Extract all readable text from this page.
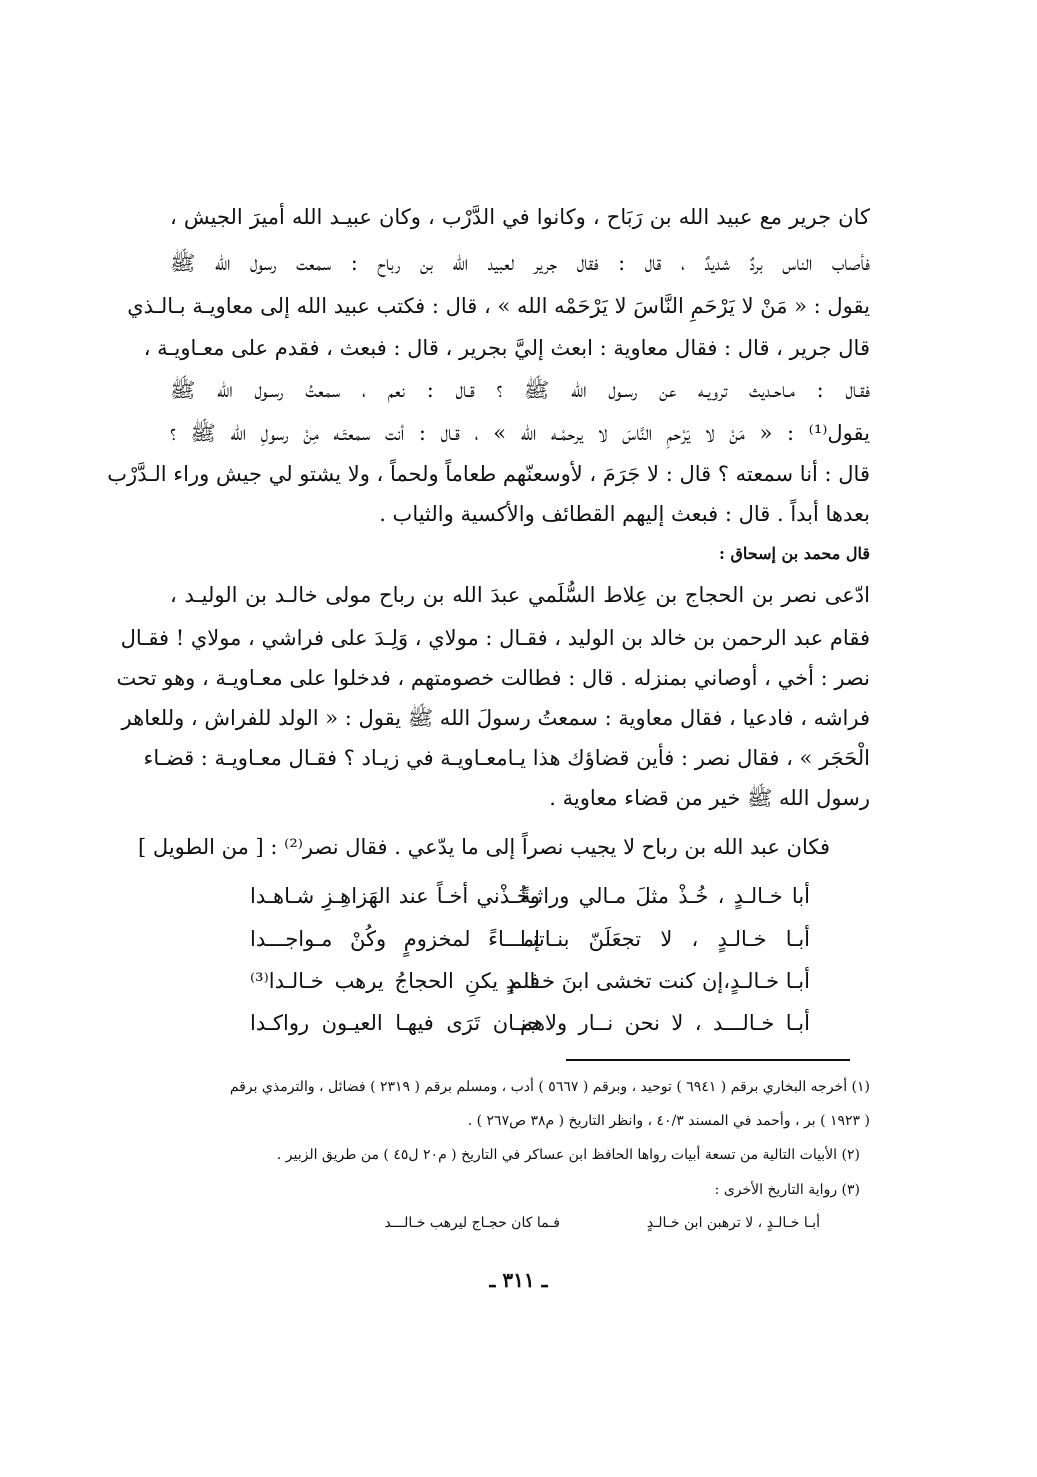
كان جرير مع عبيد الله بن رَبَاح ، وكانوا في الدَّرْب ، وكان عبيـد الله أميرَ الجيش ،
فأصاب الناس بردٌ شديدٌ ، قال : فقال جرير لعبيد الله بن رباح : سمعت رسول الله ﷺ
يقول : « مَنْ لا يَرْحَمِ النَّاسَ لا يَرْحَمْه الله » ، قال : فكتب عبيد الله إلى معاويـة بـالـذي
قال جرير ، قال : فقال معاوية : ابعث إليَّ بجرير ، قال : فبعث ، فقدم على معـاويـة ،
فقـال : مـاحـديث ترويـه عن رسـول الله ﷺ ؟ قـال : نعم ، سمعتُ رسـول الله ﷺ
يقول⁽¹⁾ : « مَنْ لا يَرْحمِ النَّاسَ لا يرحمْـه الله » ، قـال : أنت سمعتَـه مِنْ رسولِ الله ﷺ ؟
قال : أنا سمعته ؟ قال : لا جَرَمَ ، لأوسعنّهم طعاماً ولحماً ، ولا يشتو لي جيش وراء الـدَّرْب
بعدها أبداً . قال : فبعث إليهم القطائف والأكسية والثياب .
قال محمد بن إسحاق :
ادّعى نصر بن الحجاج بن عِلاط السُّلَمي عبدَ الله بن رباح مولى خالـد بن الوليـد ،
فقام عبد الرحمن بن خالد بن الوليد ، فقـال : مولاي ، وَلِـدَ على فراشي ، مولاي ! فقـال
نصر : أخي ، أوصاني بمنزله . قال : فطالت خصومتهم ، فدخلوا على معـاويـة ، وهو تحت
فراشه ، فادعيا ، فقال معاوية : سمعتُ رسولَ الله ﷺ يقول : « الولد للفراش ، وللعاهر
الْحَجَر » ، فقال نصر : فأين قضاؤك هذا يـامعـاويـة في زيـاد ؟ فقـال معـاويـة : قضـاء
رسول الله ﷺ خير من قضاء معاوية .
فكان عبد الله بن رباح لا يجيب نصراً إلى ما يدّعي . فقال نصر⁽²⁾ : [ من الطويل ]
أبا خـالـدٍ ، خُـذْ مثلَ مـالي وراثـةً
وخُـذْني أخـاً عند الهَزاهِـزِ شـاهـدا
أبـا خـالـدٍ ، لا تجعَلَنّ بنـاتنـا
إمـــاءً لمخزومٍ وكُنْ مـواجـــدا
أبـا خـالـدٍ،إن كنت تخشى ابنَ خـالـدٍ
فلم يكنِ الحجاجُ يرهب خـالـدا⁽³⁾
أبـا خـالـــد ، لا نحن نــار ولاهم
جنـان تَرَى فيهـا العيـون رواكـدا
(١) أخرجه البخاري برقم ( ٦٩٤١ ) توحيد ، وبرقم ( ٥٦٦٧ ) أدب ، ومسلم برقم ( ٢٣١٩ ) فضائل ، والترمذي برقم
( ١٩٢٣ ) بر ، وأحمد في المسند ٤٠/٣ ، وانظر التاريخ ( م٣٨ ص٢٦٧ ) .
(٢) الأبيات التالية من تسعة أبيات رواها الحافظ ابن عساكر في التاريخ ( م٢٠ ل٤٥ ) من طريق الزبير .
(٣) رواية التاريخ الأخرى :
أبـا خـالـدٍ ، لا ترهبن ابن خـالـدٍ
فـما كان حجـاج ليرهب خـالـــد
ـ ٣١١ ـ
